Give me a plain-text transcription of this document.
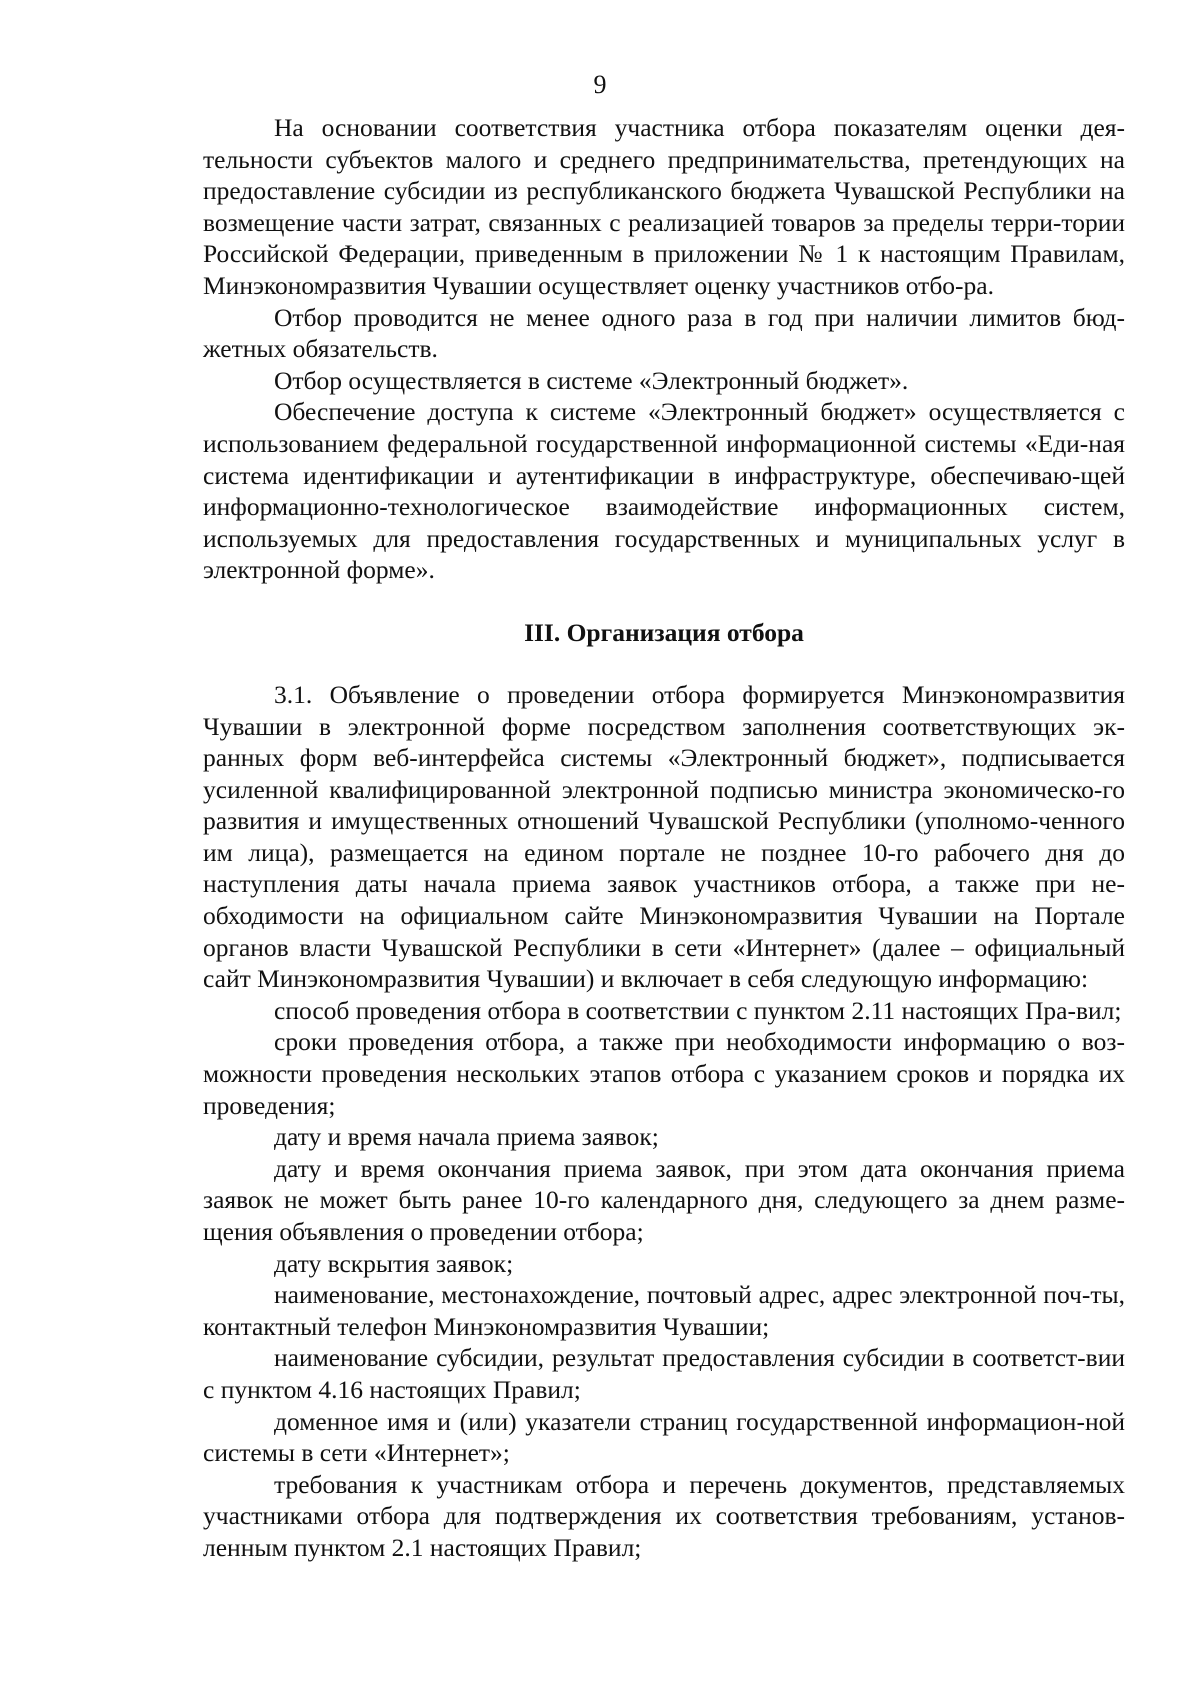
9

На основании соответствия участника отбора показателям оценки дея-тельности субъектов малого и среднего предпринимательства, претендующих на предоставление субсидии из республиканского бюджета Чувашской Республики на возмещение части затрат, связанных с реализацией товаров за пределы терри-тории Российской Федерации, приведенным в приложении № 1 к настоящим Правилам, Минэкономразвития Чувашии осуществляет оценку участников отбо-ра.

Отбор проводится не менее одного раза в год при наличии лимитов бюд-жетных обязательств.

Отбор осуществляется в системе «Электронный бюджет».

Обеспечение доступа к системе «Электронный бюджет» осуществляется с использованием федеральной государственной информационной системы «Еди-ная система идентификации и аутентификации в инфраструктуре, обеспечиваю-щей информационно-технологическое взаимодействие информационных систем, используемых для предоставления государственных и муниципальных услуг в электронной форме».

III. Организация отбора

3.1. Объявление о проведении отбора формируется Минэкономразвития Чувашии в электронной форме посредством заполнения соответствующих эк-ранных форм веб-интерфейса системы «Электронный бюджет», подписывается усиленной квалифицированной электронной подписью министра экономическо-го развития и имущественных отношений Чувашской Республики (уполномо-ченного им лица), размещается на едином портале не позднее 10-го рабочего дня до наступления даты начала приема заявок участников отбора, а также при не-обходимости на официальном сайте Минэкономразвития Чувашии на Портале органов власти Чувашской Республики в сети «Интернет» (далее – официальный сайт Минэкономразвития Чувашии) и включает в себя следующую информацию:

способ проведения отбора в соответствии с пунктом 2.11 настоящих Пра-вил;

сроки проведения отбора, а также при необходимости информацию о воз-можности проведения нескольких этапов отбора с указанием сроков и порядка их проведения;

дату и время начала приема заявок;

дату и время окончания приема заявок, при этом дата окончания приема заявок не может быть ранее 10-го календарного дня, следующего за днем разме-щения объявления о проведении отбора;

дату вскрытия заявок;

наименование, местонахождение, почтовый адрес, адрес электронной поч-ты, контактный телефон Минэкономразвития Чувашии;

наименование субсидии, результат предоставления субсидии в соответст-вии с пунктом 4.16 настоящих Правил;

доменное имя и (или) указатели страниц государственной информацион-ной системы в сети «Интернет»;

требования к участникам отбора и перечень документов, представляемых участниками отбора для подтверждения их соответствия требованиям, установ-ленным пунктом 2.1 настоящих Правил;
